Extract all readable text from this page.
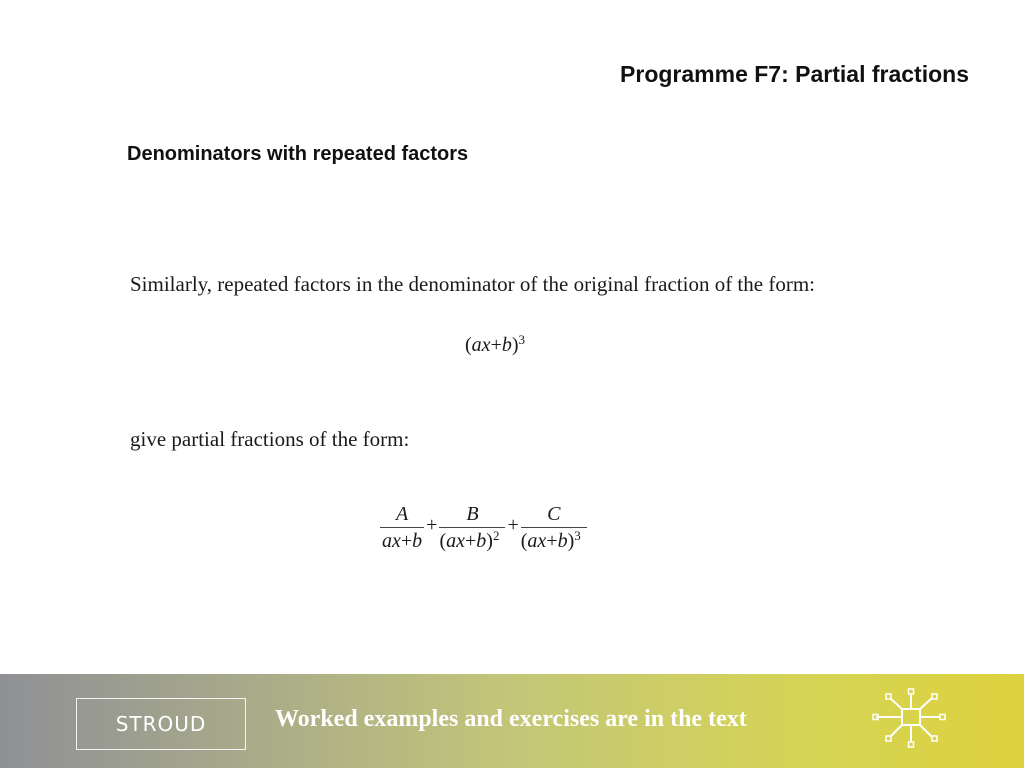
Programme F7: Partial fractions
Denominators with repeated factors

Similarly, repeated factors in the denominator of the original fraction of the form:

$(ax+b)^3$

give partial fractions of the form:

$\frac{A}{ax+b} + \frac{B}{(ax+b)^2} + \frac{C}{(ax+b)^3}$
STROUD	Worked examples and exercises are in the text
